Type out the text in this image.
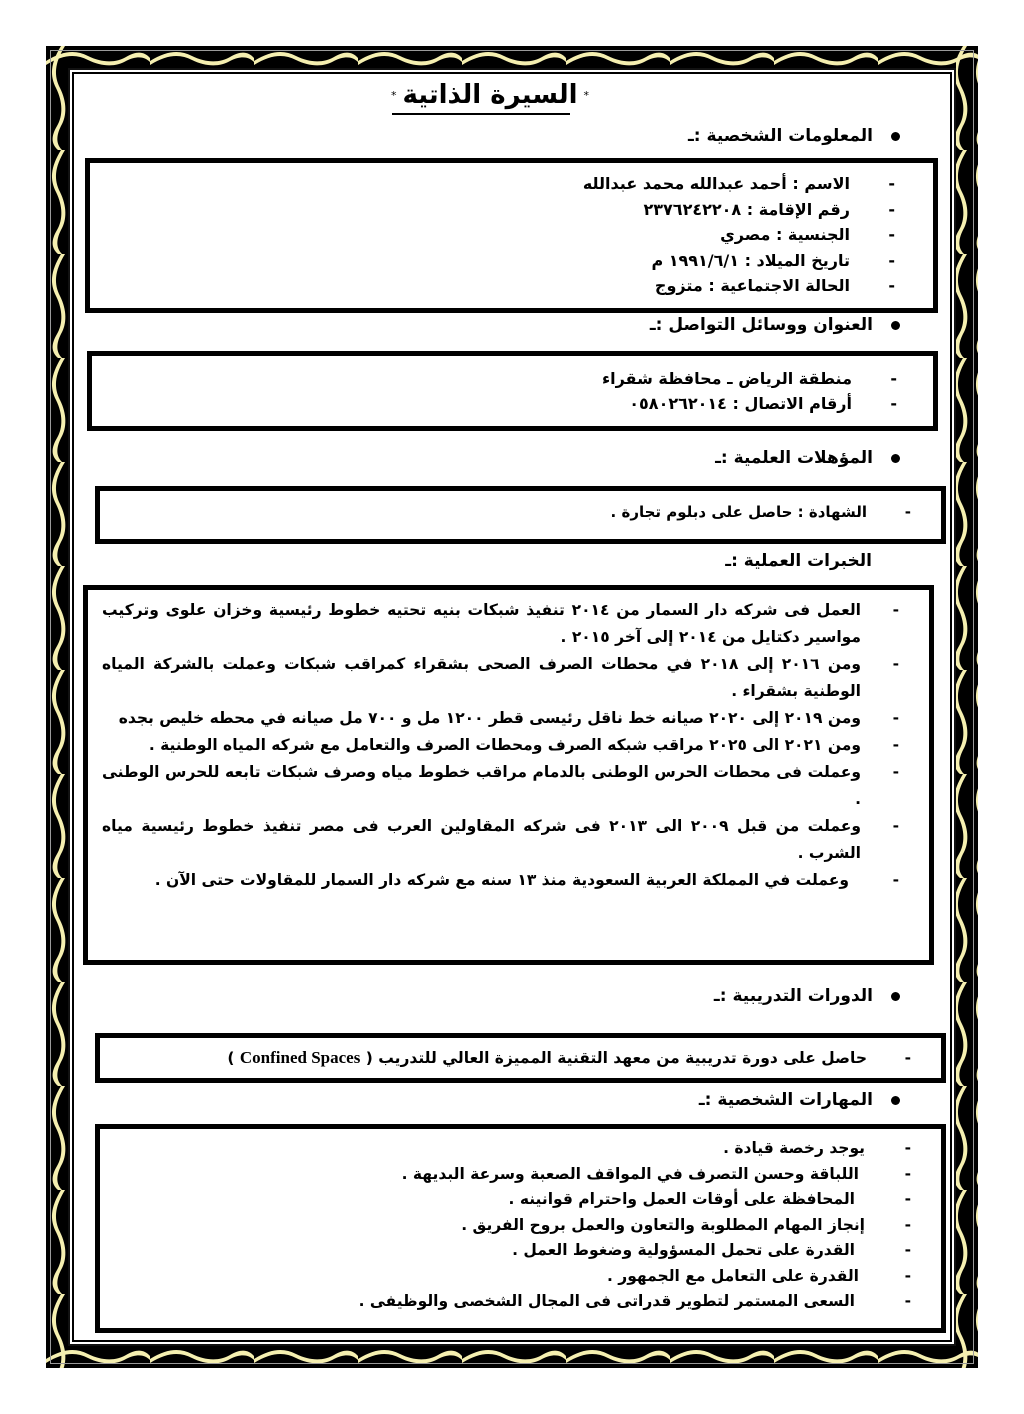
*السيرة الذاتية*
المعلومات الشخصية :ـ
-
الاسم : أحمد عبدالله محمد عبدالله
-
رقم الإقامة : ٢٣٧٦٢٤٢٢٠٨
-
الجنسية : مصري
-
تاريخ الميلاد : ١٩٩١/٦/١ م
-
الحالة الاجتماعية : متزوج
العنوان ووسائل التواصل :ـ
-
منطقة الرياض ـ محافظة شقراء
-
أرقام الاتصال : ٠٥٨٠٢٦٢٠١٤
المؤهلات العلمية :ـ
-
الشهادة : حاصل على دبلوم تجارة .
الخبرات العملية :ـ
-
العمل فى شركه دار السمار من ٢٠١٤ تنفيذ شبكات بنيه تحتيه خطوط رئيسية وخزان علوى وتركيب مواسير دكتايل من ٢٠١٤ إلى آخر ٢٠١٥ .
-
ومن ٢٠١٦ إلى ٢٠١٨ في محطات الصرف الصحى بشقراء كمراقب شبكات وعملت بالشركة المياه الوطنية بشقراء .
-
ومن ٢٠١٩ إلى ٢٠٢٠ صيانه خط ناقل رئيسى قطر ١٢٠٠ مل و ٧٠٠ مل صيانه في محطه خليص بجده
-
ومن ٢٠٢١ الى ٢٠٢٥ مراقب شبكه الصرف ومحطات الصرف والتعامل مع شركه المياه الوطنية .
-
وعملت فى محطات الحرس الوطنى بالدمام مراقب خطوط مياه وصرف شبكات تابعه للحرس الوطنى .
-
وعملت من قبل ٢٠٠٩ الى ٢٠١٣ فى شركه المقاولين العرب فى مصر تنفيذ خطوط رئيسية مياه الشرب .
-
وعملت في المملكة العربية السعودية منذ ١٣ سنه مع شركه دار السمار للمقاولات حتى الآن .
الدورات التدريبية :ـ
-
حاصل على دورة تدريبية من معهد التقنية المميزة العالي للتدريب ( Confined Spaces )
المهارات الشخصية :ـ
-
يوجد رخصة قيادة .
-
اللباقة وحسن التصرف في المواقف الصعبة وسرعة البديهة .
-
المحافظة على أوقات العمل واحترام قوانينه .
-
إنجاز المهام المطلوبة والتعاون والعمل بروح الفريق .
-
القدرة على تحمل المسؤولية وضغوط العمل .
-
القدرة على التعامل مع الجمهور .
-
السعى المستمر لتطوير قدراتى فى المجال الشخصى والوظيفى .
